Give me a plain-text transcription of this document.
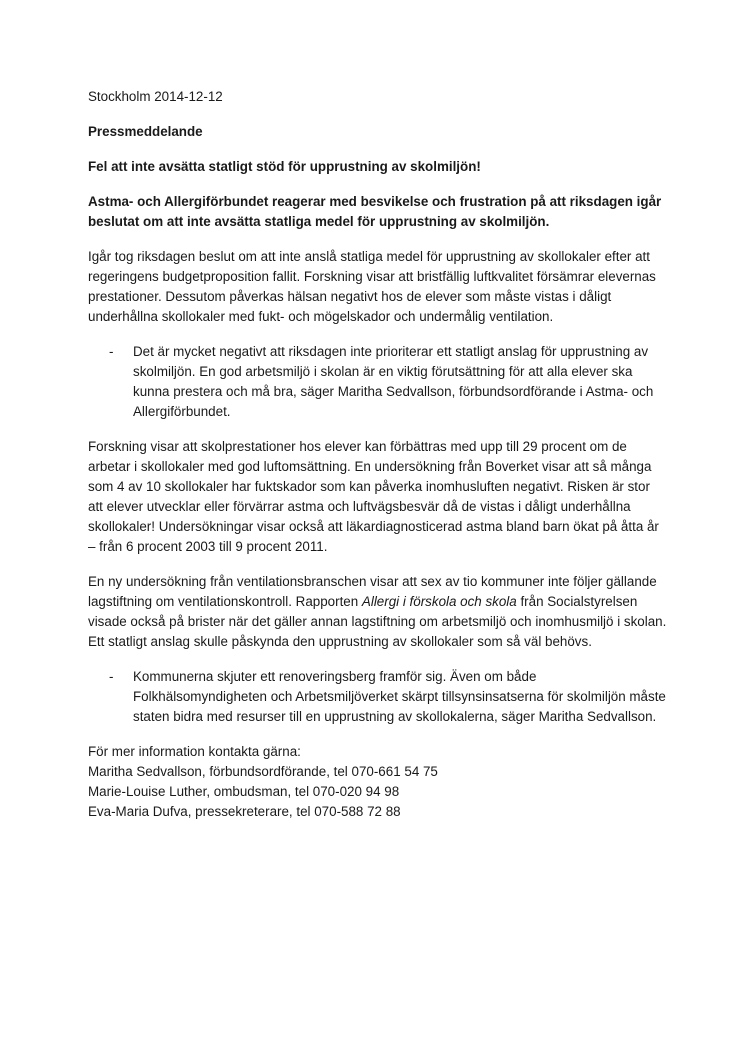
Stockholm 2014-12-12
Pressmeddelande
Fel att inte avsätta statligt stöd för upprustning av skolmiljön!

Astma- och Allergiförbundet reagerar med besvikelse och frustration på att riksdagen igår beslutat om att inte avsätta statliga medel för upprustning av skolmiljön.

Igår tog riksdagen beslut om att inte anslå statliga medel för upprustning av skollokaler efter att regeringens budgetproposition fallit. Forskning visar att bristfällig luftkvalitet försämrar elevernas prestationer. Dessutom påverkas hälsan negativt hos de elever som måste vistas i dåligt underhållna skollokaler med fukt- och mögelskador och undermålig ventilation.

- Det är mycket negativt att riksdagen inte prioriterar ett statligt anslag för upprustning av skolmiljön. En god arbetsmiljö i skolan är en viktig förutsättning för att alla elever ska kunna prestera och må bra, säger Maritha Sedvallson, förbundsordförande i Astma- och Allergiförbundet.

Forskning visar att skolprestationer hos elever kan förbättras med upp till 29 procent om de arbetar i skollokaler med god luftomsättning. En undersökning från Boverket visar att så många som 4 av 10 skollokaler har fuktskador som kan påverka inomhusluften negativt. Risken är stor att elever utvecklar eller förvärrar astma och luftvägsbesvär då de vistas i dåligt underhållna skollokaler! Undersökningar visar också att läkardiagnosticerad astma bland barn ökat på åtta år – från 6 procent 2003 till 9 procent 2011.

En ny undersökning från ventilationsbranschen visar att sex av tio kommuner inte följer gällande lagstiftning om ventilationskontroll. Rapporten Allergi i förskola och skola från Socialstyrelsen visade också på brister när det gäller annan lagstiftning om arbetsmiljö och inomhusmiljö i skolan. Ett statligt anslag skulle påskynda den upprustning av skollokaler som så väl behövs.

- Kommunerna skjuter ett renoveringsberg framför sig. Även om både Folkhälsomyndigheten och Arbetsmiljöverket skärpt tillsynsinsatserna för skolmiljön måste staten bidra med resurser till en upprustning av skollokalerna, säger Maritha Sedvallson.
För mer information kontakta gärna:
Maritha Sedvallson, förbundsordförande, tel 070-661 54 75
Marie-Louise Luther, ombudsman, tel 070-020 94 98
Eva-Maria Dufva, pressekreterare, tel 070-588 72 88
